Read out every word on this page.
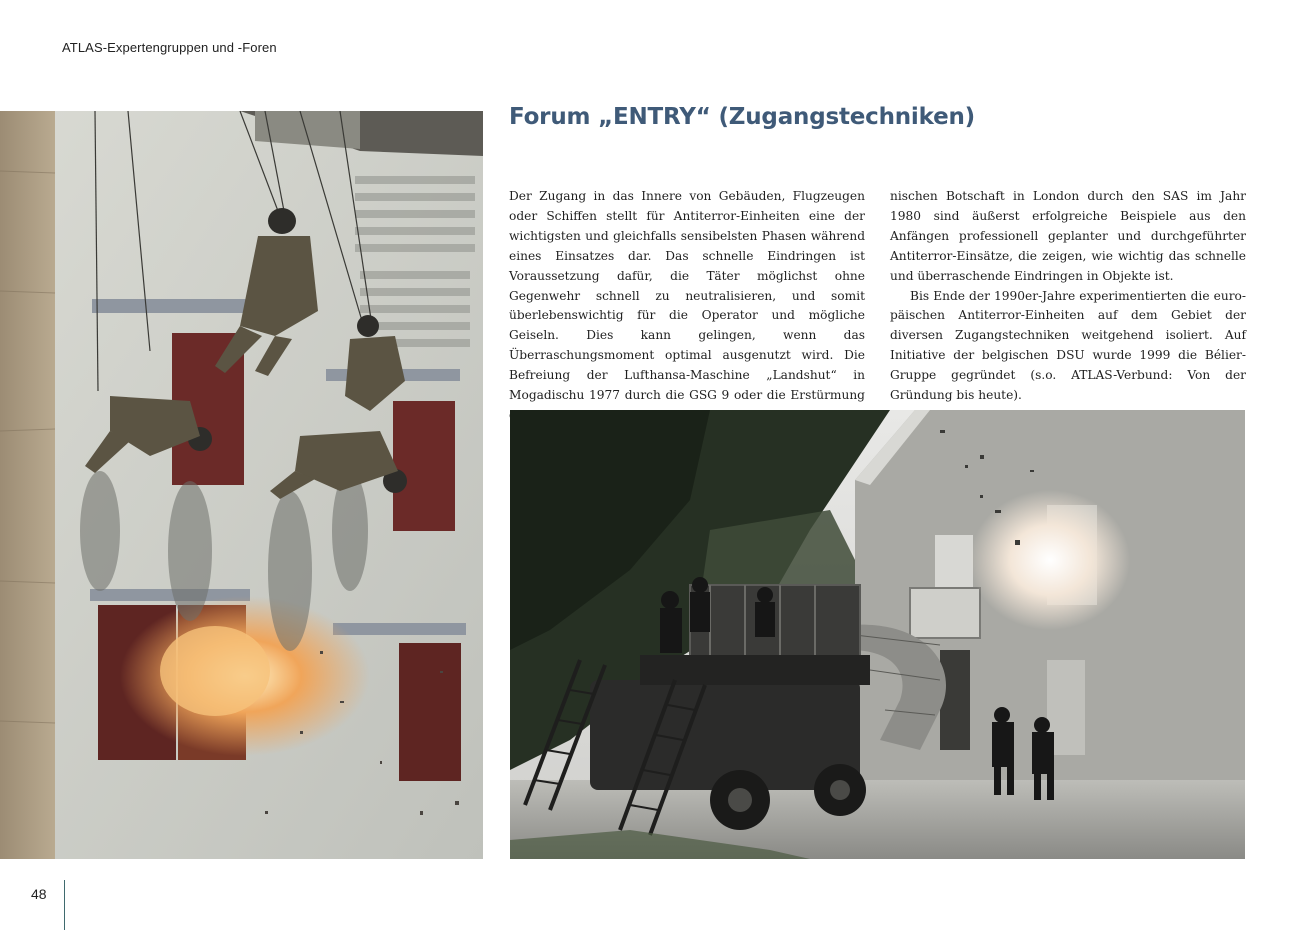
ATLAS-Expertengruppen und -Foren
Forum „ENTRY“ (Zugangstechniken)

Der Zugang in das Innere von Gebäuden, Flugzeugen oder Schiffen stellt für Antiterror-Einheiten eine der wichtigsten und gleichfalls sensibelsten Phasen während eines Einsatzes dar. Das schnelle Eindringen ist Voraussetzung dafür, die Täter möglichst ohne Gegenwehr schnell zu neutralisieren, und somit überlebenswichtig für die Operator und mögliche Geiseln. Dies kann gelingen, wenn das Überraschungsmoment optimal ausgenutzt wird. Die Befreiung der Lufthansa-Maschine „Landshut“ in Mogadischu 1977 durch die GSG 9 oder die Erstürmung

nischen Botschaft in London durch den SAS im Jahr 1980 sind äußerst erfolgreiche Beispiele aus den Anfängen professionell geplanter und durchgeführter Antiterror-Einsätze, die zeigen, wie wichtig das schnelle und überraschende Eindringen in Objekte ist.

Bis Ende der 1990er-Jahre experimentierten die europäischen Antiterror-Einheiten auf dem Gebiet der diversen Zugangstechniken weitgehend isoliert. Auf Initiative der belgischen DSU wurde 1999 die Bélier-Gruppe gegründet (s.o. ATLAS-Verbund: Von der Gründung bis heute).

48
